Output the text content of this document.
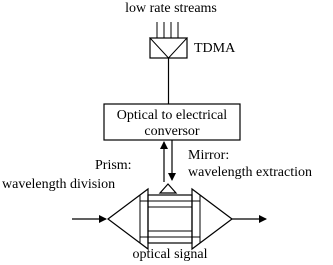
low rate streams
TDMA
Optical to electrical
conversor
Prism:
wavelength division
Mirror:
wavelength extraction
optical signal
